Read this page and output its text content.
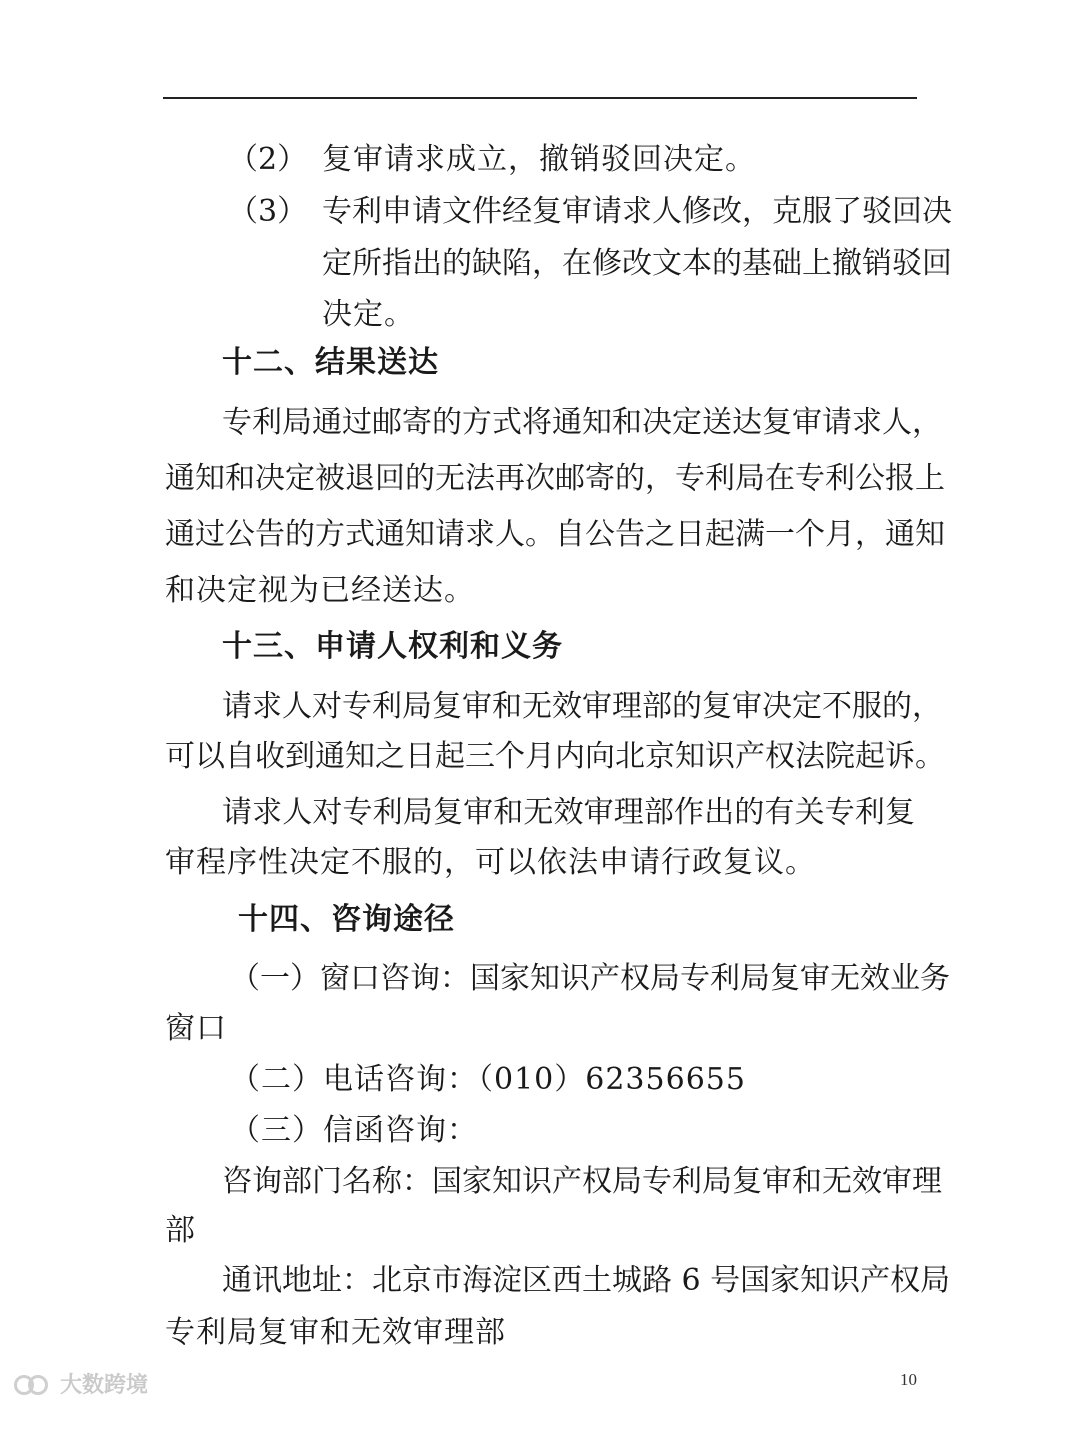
（2） 复审请求成立，撤销驳回决定。
（3） 专利申请文件经复审请求人修改，克服了驳回决
定所指出的缺陷，在修改文本的基础上撤销驳回
决定。
十二、结果送达
专利局通过邮寄的方式将通知和决定送达复审请求人，
通知和决定被退回的无法再次邮寄的，专利局在专利公报上
通过公告的方式通知请求人。自公告之日起满一个月，通知
和决定视为已经送达。
十三、申请人权利和义务
请求人对专利局复审和无效审理部的复审决定不服的，
可以自收到通知之日起三个月内向北京知识产权法院起诉。
请求人对专利局复审和无效审理部作出的有关专利复
审程序性决定不服的，可以依法申请行政复议。
十四、咨询途径
（一）窗口咨询：国家知识产权局专利局复审无效业务
窗口
（二）电话咨询：（010）62356655
（三）信函咨询：
咨询部门名称：国家知识产权局专利局复审和无效审理
部
通讯地址：北京市海淀区西土城路 6 号国家知识产权局
专利局复审和无效审理部
大数跨境	10
